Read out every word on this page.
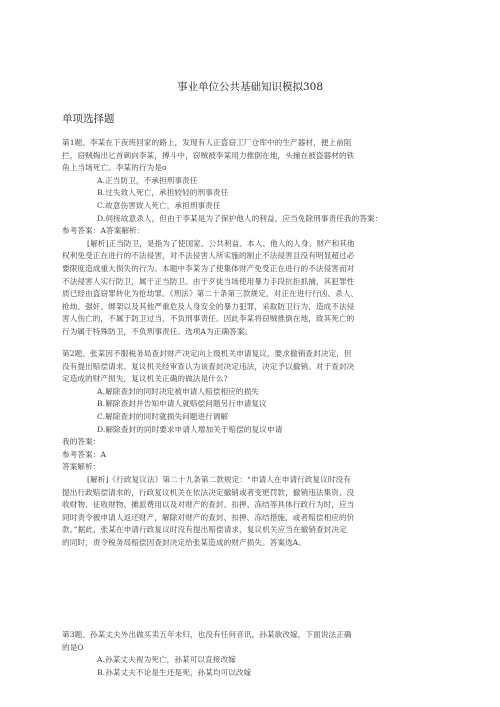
事业单位公共基础知识模拟308
单项选择题
第1题、李某在下夜班回家的路上，发现有人正盗窃工厂仓库中的生产器材，便上前阻
拦，窃贼掏出匕首刺向李某，搏斗中，窃贼被李某用力推倒在地，头撞在被盗器材的铁
角上当场死亡。李某的行为是o
A.正当防卫，不承担刑事责任
B.过失致人死亡，承担较轻的刑事责任
C.故意伤害致人死亡，承担刑事责任
D.伺接故意杀人，但由于李某是为了保护他人的利益，应当免除刑事责任我的答案：
参考答案：A答案解析：
[解析]正当防卫，是指为了使国家、公共利益、本人、他人的人身、财产和其他
权利免受正在进行的不法侵害，对不法侵害人所实施的制止不法侵害且没有明显超过必
要限度造成重大损失的行为。本题中李某为了使集体财产免受正在进行的不法侵害而对
不法侵害人实行防卫，属于正当防卫。由于歹徒当场使用暴力手段抗拒抓捕，其犯罪性
质已经由盗窃罪转化为抢劫罪。《刑法》第二十条第三款规定，对正在进行行凶、杀人、
抢劫、强奸、绑架以及其他严重危及人身安全的暴力犯罪，采取防卫行为，造成不法侵
害人伤亡的，不属于防卫过当，不负刑事责任。因此李某将窃贼推倒在地，致其死亡的
行为属于特殊防卫，不负刑事责任。选项A为正确答案。
第2题、张某因不服税务局查封财产决定向上级机关申请复议，要求撤销查封决定，但
没有提出赔偿请求。复议机关经审查认为该查封决定违法，决定予以撤销。对于查封决
定造成的财产损失，复议机关正确的做法是什么?
A.解除查封的同时决定被申请人赔偿相应的损失
B.解除查封并告知申请人就赔偿问题另行申请复议
C.解除查封的同时就损失问题进行调解
D.解除查封的同时要求申请人增加关于赔偿的复议申请
我的答案：
参考答案：A
答案解析：
[解析]《行政复议法》第二十九条第二款规定：“申请人在申请行政复议时没有
提出行政赔偿请求的，行政复议机关在依法决定撤销或者变更罚款，撤销违法集资、没
收财物、征收财物、摊派费用以及对财产的查封、扣押、冻结等具体行政行为时，应当
同时责令被申请人返还财产，解除对财产的查封、扣押、冻结措施，或者赔偿相应的价
款。”据此，张某在申请行政复议时没有提出赔偿请求，复议机关应当在撤销查封决定
的同时，责令税务局赔偿因查封决定给张某造成的财产损失。答案选A。
第3题、孙某丈夫外出做买卖五年未归，也没有任何音讯，孙某欲改嫁，下面说法正确
的是O
A.孙某丈夫视为死亡，孙某可以直接改嫁
B.孙某丈夫不论是生还是死，孙某均可以改嫁
